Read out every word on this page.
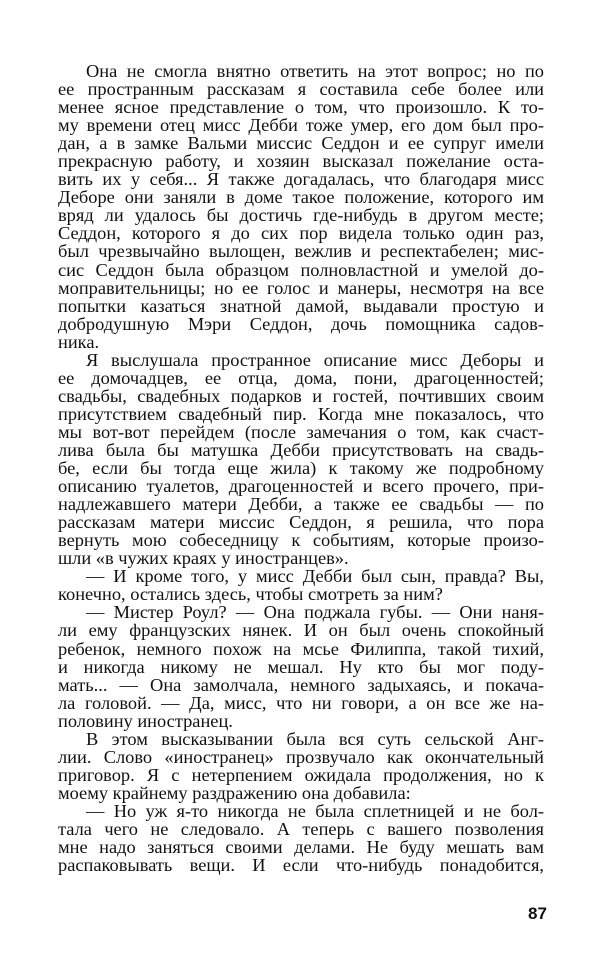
Она не смогла внятно ответить на этот вопрос; но по
ее пространным рассказам я составила себе более или
менее ясное представление о том, что произошло. К то-
му времени отец мисс Дебби тоже умер, его дом был про-
дан, а в замке Вальми миссис Седдон и ее супруг имели
прекрасную работу, и хозяин высказал пожелание оста-
вить их у себя... Я также догадалась, что благодаря мисс
Деборе они заняли в доме такое положение, которого им
вряд ли удалось бы достичь где-нибудь в другом месте;
Седдон, которого я до сих пор видела только один раз,
был чрезвычайно вылощен, вежлив и респектабелен; мис-
сис Седдон была образцом полновластной и умелой до-
моправительницы; но ее голос и манеры, несмотря на все
попытки казаться знатной дамой, выдавали простую и
добродушную Мэри Седдон, дочь помощника садов-
ника.
Я выслушала пространное описание мисс Деборы и
ее домочадцев, ее отца, дома, пони, драгоценностей;
свадьбы, свадебных подарков и гостей, почтивших своим
присутствием свадебный пир. Когда мне показалось, что
мы вот-вот перейдем (после замечания о том, как счаст-
лива была бы матушка Дебби присутствовать на свадь-
бе, если бы тогда еще жила) к такому же подробному
описанию туалетов, драгоценностей и всего прочего, при-
надлежавшего матери Дебби, а также ее свадьбы — по
рассказам матери миссис Седдон, я решила, что пора
вернуть мою собеседницу к событиям, которые произо-
шли «в чужих краях у иностранцев».
— И кроме того, у мисс Дебби был сын, правда? Вы,
конечно, остались здесь, чтобы смотреть за ним?
— Мистер Роул? — Она поджала губы. — Они наня-
ли ему французских нянек. И он был очень спокойный
ребенок, немного похож на мсье Филиппа, такой тихий,
и никогда никому не мешал. Ну кто бы мог поду-
мать... — Она замолчала, немного задыхаясь, и покача-
ла головой. — Да, мисс, что ни говори, а он все же на-
половину иностранец.
В этом высказывании была вся суть сельской Анг-
лии. Слово «иностранец» прозвучало как окончательный
приговор. Я с нетерпением ожидала продолжения, но к
моему крайнему раздражению она добавила:
— Но уж я-то никогда не была сплетницей и не бол-
тала чего не следовало. А теперь с вашего позволения
мне надо заняться своими делами. Не буду мешать вам
распаковывать вещи. И если что-нибудь понадобится,
87
